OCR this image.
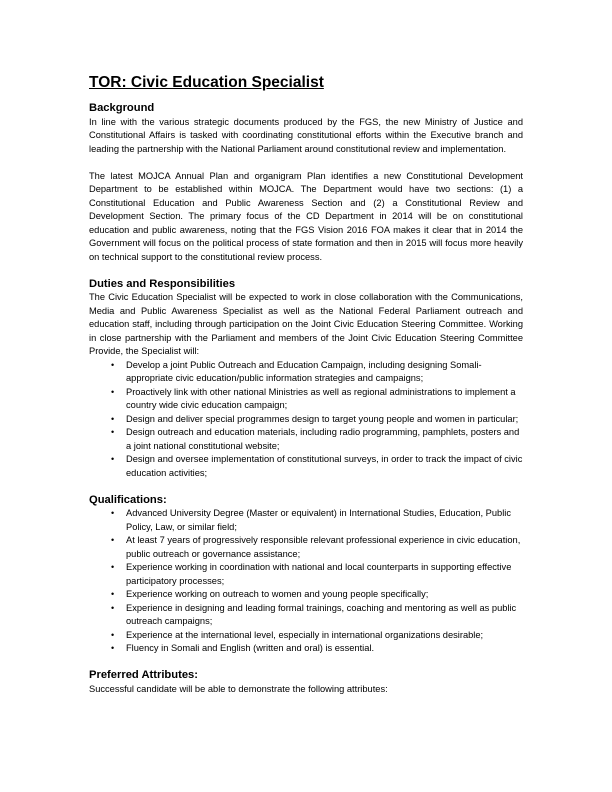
TOR: Civic Education Specialist
Background

In line with the various strategic documents produced by the FGS, the new Ministry of Justice and Constitutional Affairs is tasked with coordinating constitutional efforts within the Executive branch and leading the partnership with the National Parliament around constitutional review and implementation.

The latest MOJCA Annual Plan and organigram Plan identifies a new Constitutional Development Department to be established within MOJCA. The Department would have two sections: (1) a Constitutional Education and Public Awareness Section and (2) a Constitutional Review and Development Section. The primary focus of the CD Department in 2014 will be on constitutional education and public awareness, noting that the FGS Vision 2016 FOA makes it clear that in 2014 the Government will focus on the political process of state formation and then in 2015 will focus more heavily on technical support to the constitutional review process.

Duties and Responsibilities

The Civic Education Specialist will be expected to work in close collaboration with the Communications, Media and Public Awareness Specialist as well as the National Federal Parliament outreach and education staff, including through participation on the Joint Civic Education Steering Committee. Working in close partnership with the Parliament and members of the Joint Civic Education Steering Committee Provide, the Specialist will:

• Develop a joint Public Outreach and Education Campaign, including designing Somali-appropriate civic education/public information strategies and campaigns;
• Proactively link with other national Ministries as well as regional administrations to implement a country wide civic education campaign;
• Design and deliver special programmes design to target young people and women in particular;
• Design outreach and education materials, including radio programming, pamphlets, posters and a joint national constitutional website;
• Design and oversee implementation of constitutional surveys, in order to track the impact of civic education activities;
Qualifications:
• Advanced University Degree (Master or equivalent) in International Studies, Education, Public Policy, Law, or similar field;
• At least 7 years of progressively responsible relevant professional experience in civic education, public outreach or governance assistance;
• Experience working in coordination with national and local counterparts in supporting effective participatory processes;
• Experience working on outreach to women and young people specifically;
• Experience in designing and leading formal trainings, coaching and mentoring as well as public outreach campaigns;
• Experience at the international level, especially in international organizations desirable;
• Fluency in Somali and English (written and oral) is essential.
Preferred Attributes:

Successful candidate will be able to demonstrate the following attributes:
